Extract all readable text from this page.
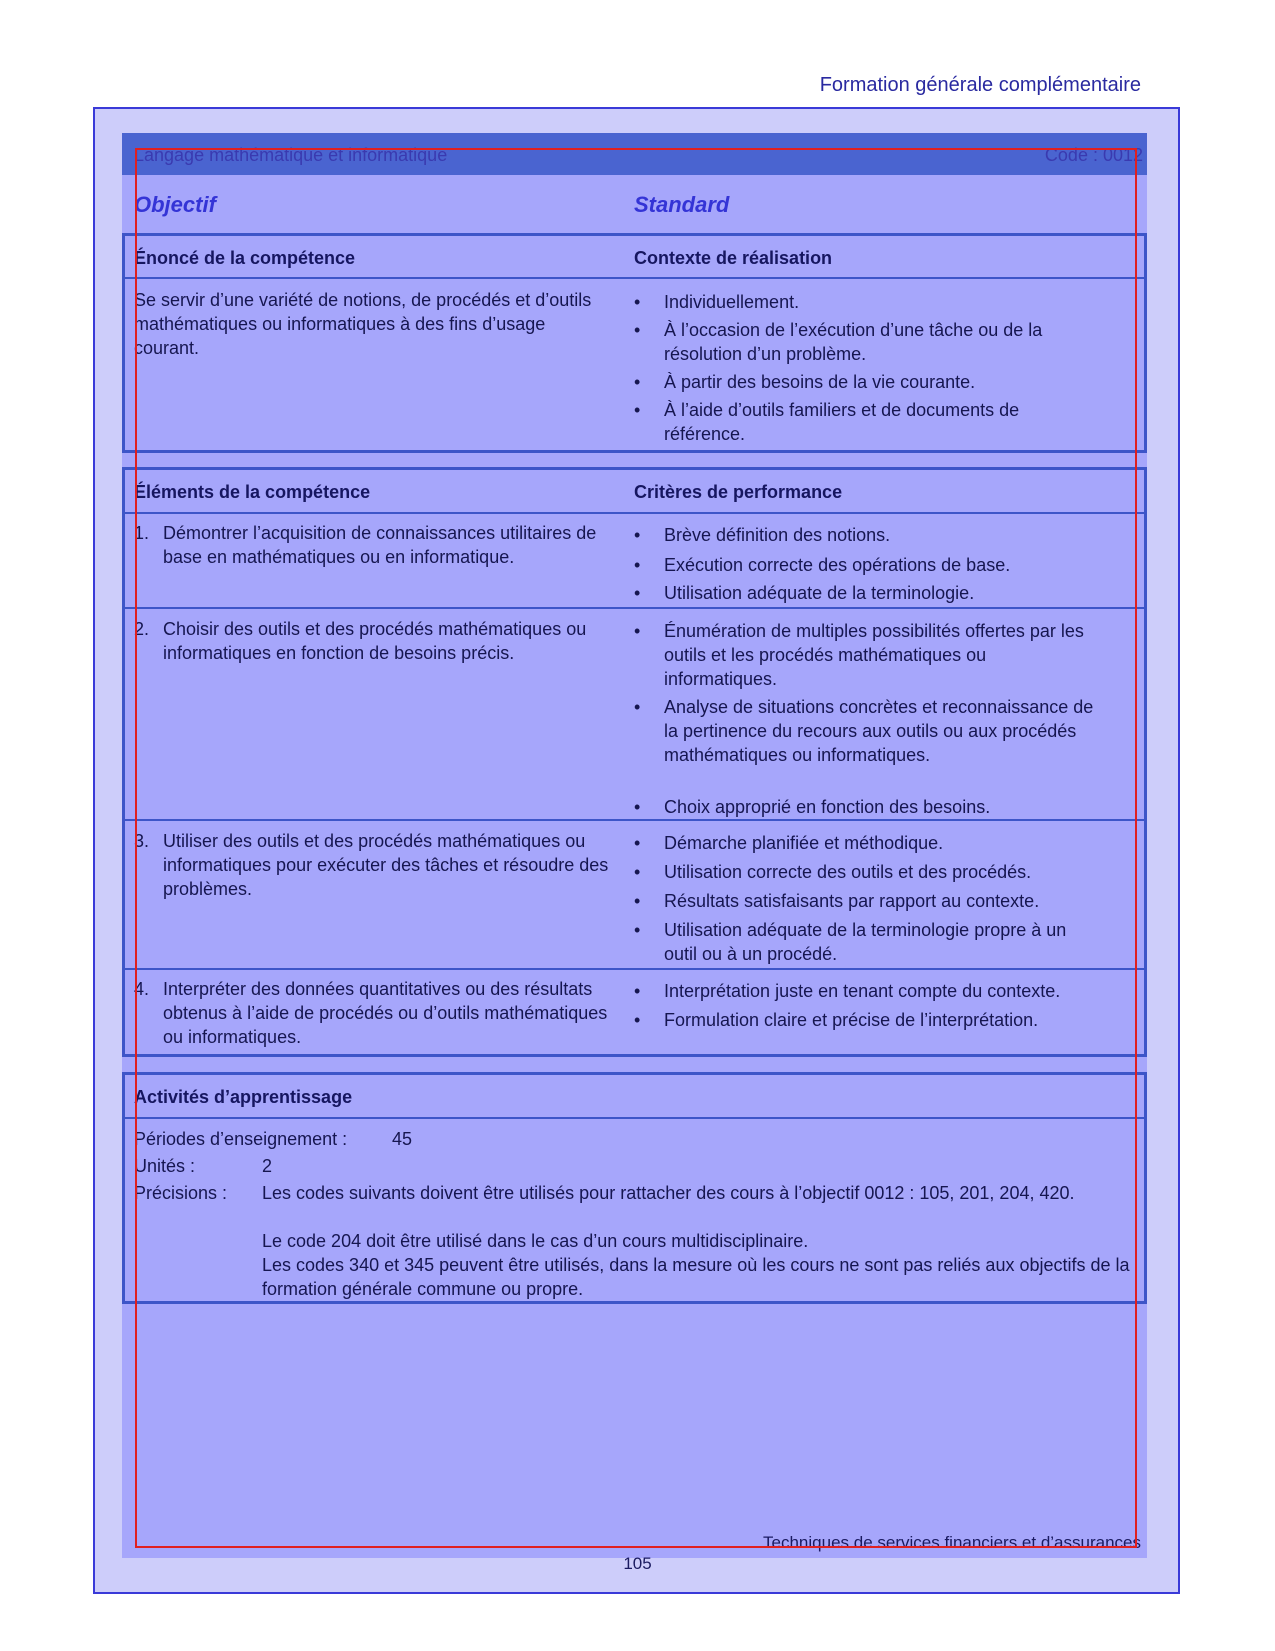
Formation générale complémentaire
Langage mathématique et informatique	Code : 0012
Objectif	Standard
Énoncé de la compétence	Contexte de réalisation
Se servir d’une variété de notions, de procédés et d’outils mathématiques ou informatiques à des fins d’usage courant.
• Individuellement.
• À l’occasion de l’exécution d’une tâche ou de la résolution d’un problème.
• À partir des besoins de la vie courante.
• À l’aide d’outils familiers et de documents de référence.
Éléments de la compétence	Critères de performance
1. Démontrer l’acquisition de connaissances utilitaires de base en mathématiques ou en informatique.
• Brève définition des notions.
• Exécution correcte des opérations de base.
• Utilisation adéquate de la terminologie.
2. Choisir des outils et des procédés mathématiques ou informatiques en fonction de besoins précis.
• Énumération de multiples possibilités offertes par les outils et les procédés mathématiques ou informatiques.
• Analyse de situations concrètes et reconnaissance de la pertinence du recours aux outils ou aux procédés mathématiques ou informatiques.
• Choix approprié en fonction des besoins.
3. Utiliser des outils et des procédés mathématiques ou informatiques pour exécuter des tâches et résoudre des problèmes.
• Démarche planifiée et méthodique.
• Utilisation correcte des outils et des procédés.
• Résultats satisfaisants par rapport au contexte.
• Utilisation adéquate de la terminologie propre à un outil ou à un procédé.
4. Interpréter des données quantitatives ou des résultats obtenus à l’aide de procédés ou d’outils mathématiques ou informatiques.
• Interprétation juste en tenant compte du contexte.
• Formulation claire et précise de l’interprétation.
Activités d’apprentissage
Périodes d’enseignement : 45
Unités :	2
Précisions : Les codes suivants doivent être utilisés pour rattacher des cours à l’objectif 0012 : 105, 201, 204, 420.
Le code 204 doit être utilisé dans le cas d’un cours multidisciplinaire.
Les codes 340 et 345 peuvent être utilisés, dans la mesure où les cours ne sont pas reliés aux objectifs de la formation générale commune ou propre.
Techniques de services financiers et d’assurances
105
